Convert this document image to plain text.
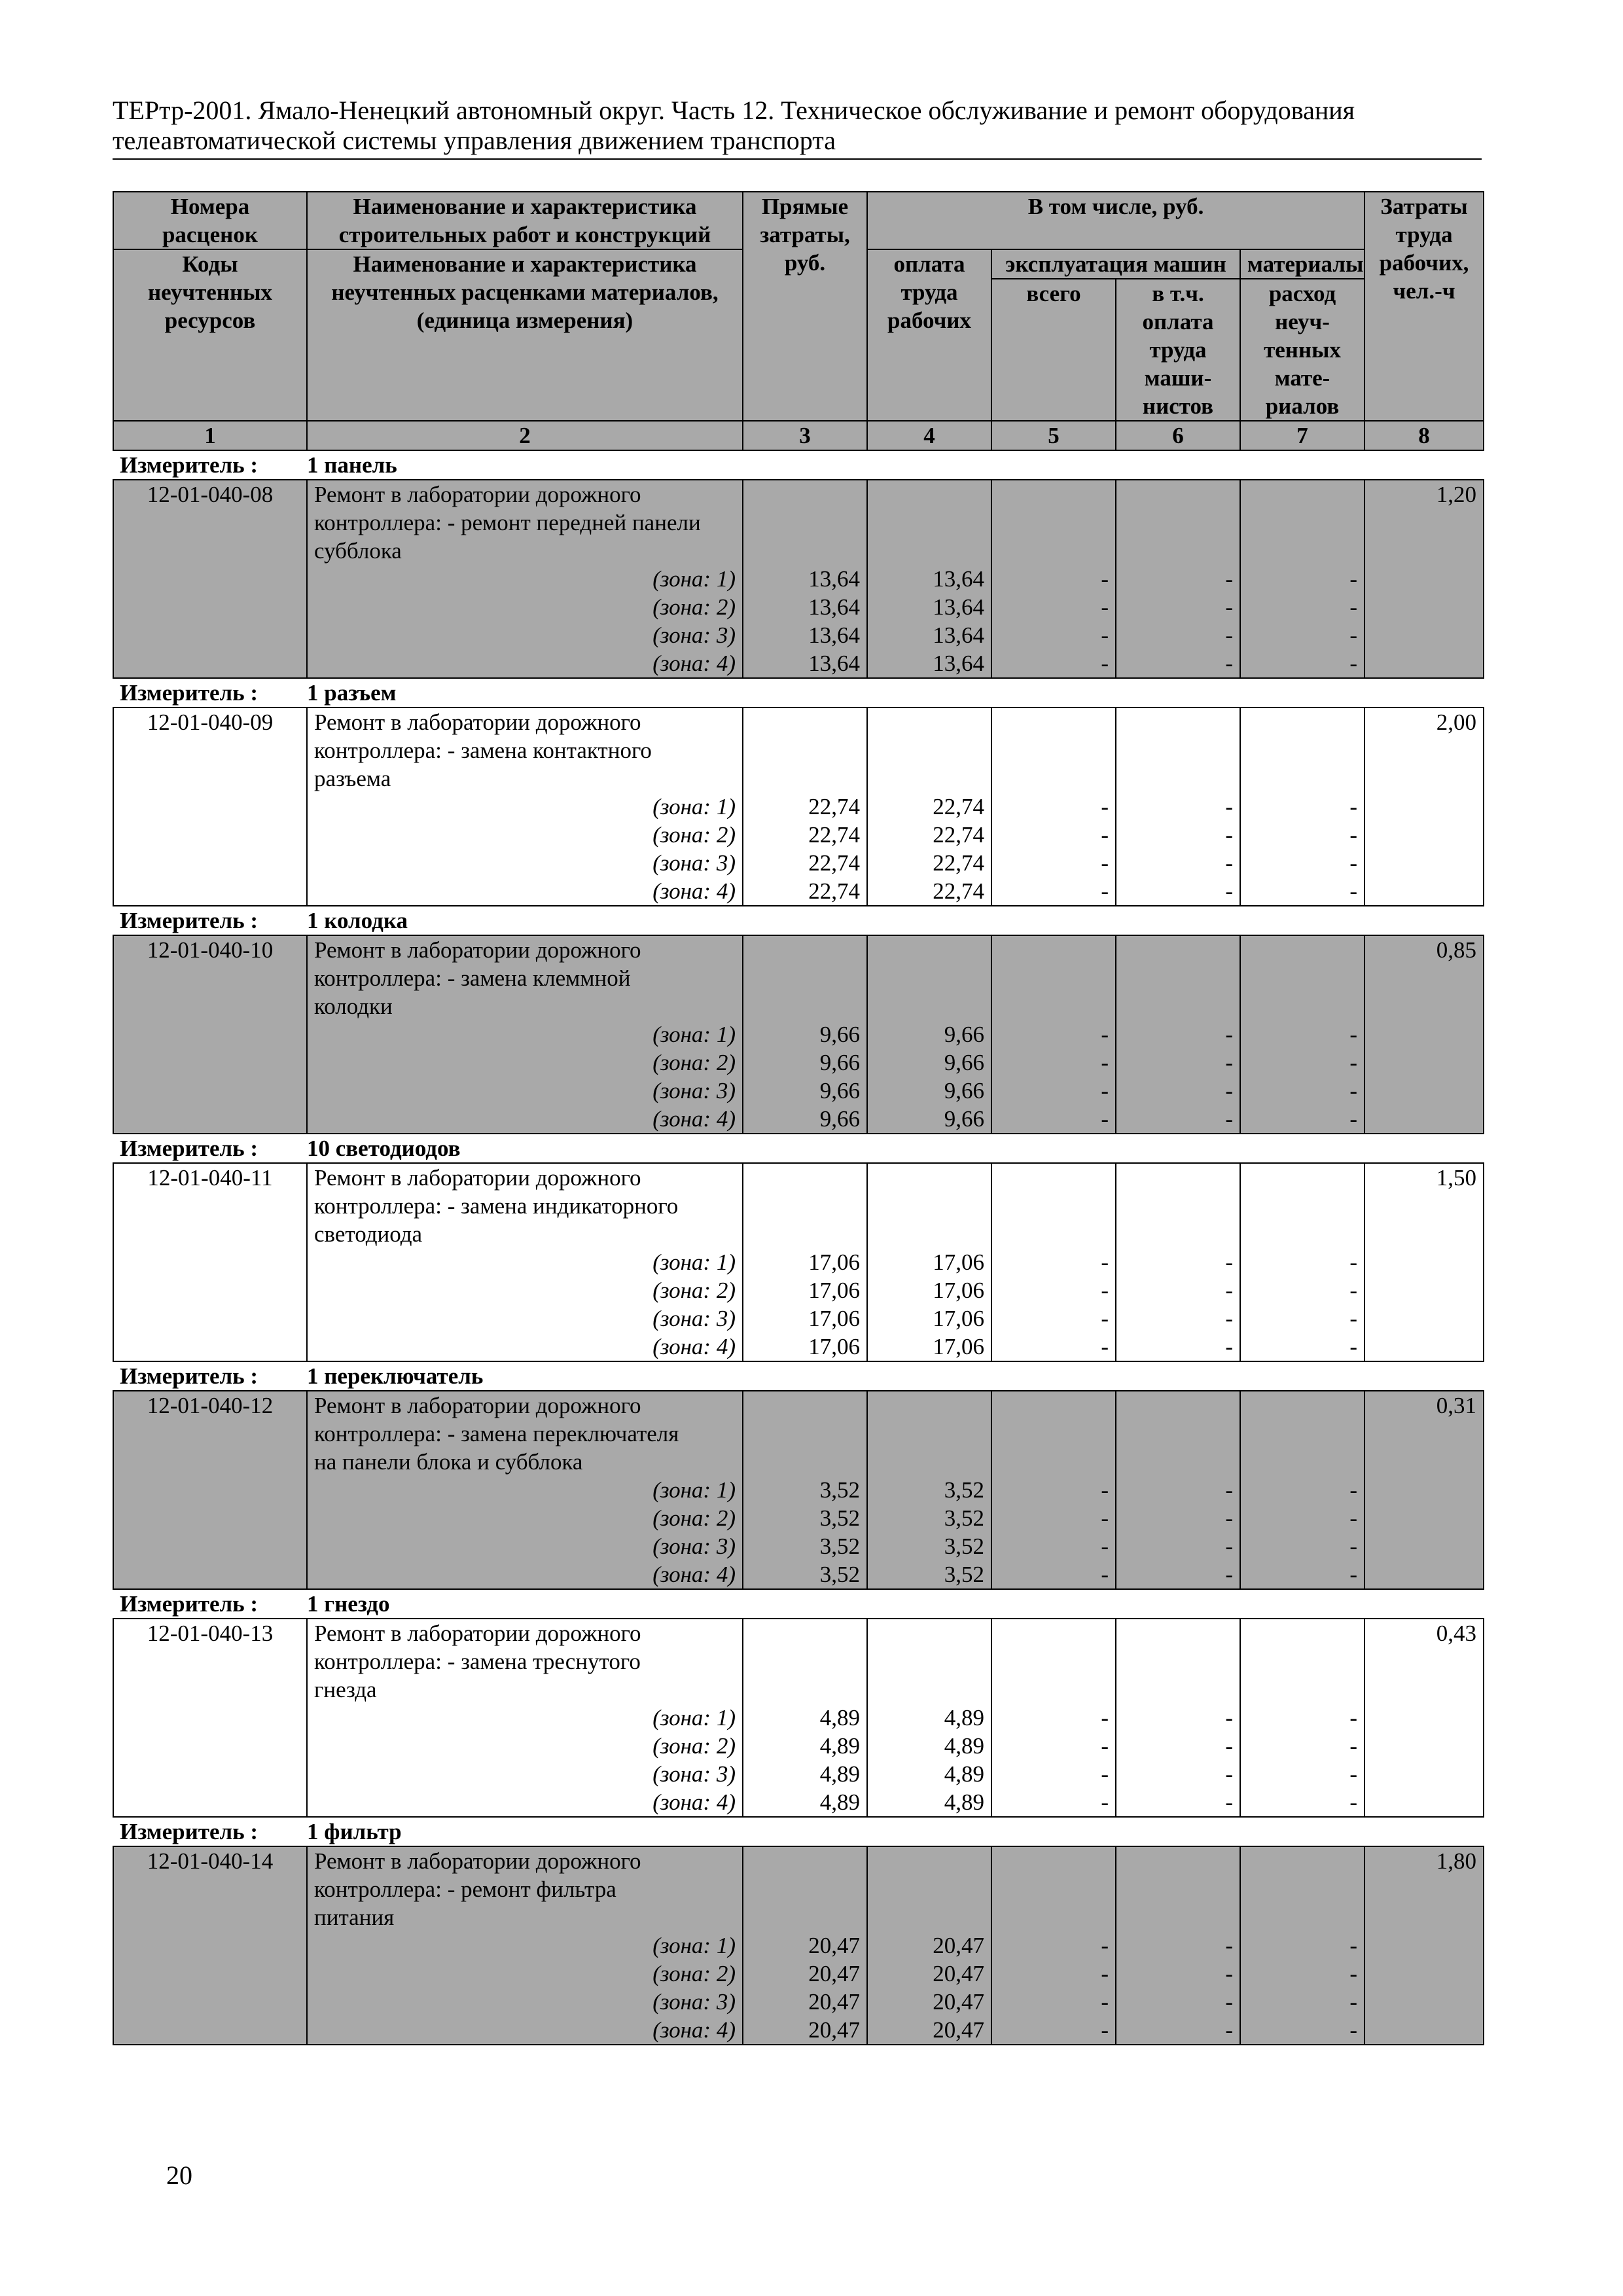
ТЕРтр-2001. Ямало-Ненецкий автономный округ. Часть 12. Техническое обслуживание и ремонт оборудования
телеавтоматической системы управления движением транспорта
Номера расценок	Наименование и характеристика строительных работ и конструкций	Прямые затраты, руб.	В том числе, руб.				Затраты труда рабочих, чел.-ч

Коды неучтенных ресурсов	Наименование и характеристика неучтенных расценками материалов, (единица измерения)		оплата труда рабочих	эксплуатация машин		материалы	
				всего	в т.ч. оплата труда маши- нистов	расход неуч- тенных мате- риалов	
1	2	3	4	5	6	7	8
Измеритель :	1 панель						
12-01-040-08	Ремонт в лаборатории дорожного						1,20
	контроллера: - ремонт передней панели						
	субблока						
	(зона: 1)	13,64	13,64	-	-	-	
	(зона: 2)	13,64	13,64	-	-	-	
	(зона: 3)	13,64	13,64	-	-	-	
	(зона: 4)	13,64	13,64	-	-	-	
Измеритель :	1 разъем						
12-01-040-09	Ремонт в лаборатории дорожного						2,00
	контроллера: - замена контактного						
	разъема						
	(зона: 1)	22,74	22,74	-	-	-	
	(зона: 2)	22,74	22,74	-	-	-	
	(зона: 3)	22,74	22,74	-	-	-	
	(зона: 4)	22,74	22,74	-	-	-	
Измеритель :	1 колодка						
12-01-040-10	Ремонт в лаборатории дорожного						0,85
	контроллера: - замена клеммной						
	колодки						
	(зона: 1)	9,66	9,66	-	-	-	
	(зона: 2)	9,66	9,66	-	-	-	
	(зона: 3)	9,66	9,66	-	-	-	
	(зона: 4)	9,66	9,66	-	-	-	
Измеритель :	10 светодиодов						
12-01-040-11	Ремонт в лаборатории дорожного						1,50
	контроллера: - замена индикаторного						
	светодиода						
	(зона: 1)	17,06	17,06	-	-	-	
	(зона: 2)	17,06	17,06	-	-	-	
	(зона: 3)	17,06	17,06	-	-	-	
	(зона: 4)	17,06	17,06	-	-	-	
Измеритель :	1 переключатель						
12-01-040-12	Ремонт в лаборатории дорожного						0,31
	контроллера: - замена переключателя						
	на панели блока и субблока						
	(зона: 1)	3,52	3,52	-	-	-	
	(зона: 2)	3,52	3,52	-	-	-	
	(зона: 3)	3,52	3,52	-	-	-	
	(зона: 4)	3,52	3,52	-	-	-	
Измеритель :	1 гнездо						
12-01-040-13	Ремонт в лаборатории дорожного						0,43
	контроллера: - замена треснутого						
	гнезда						
	(зона: 1)	4,89	4,89	-	-	-	
	(зона: 2)	4,89	4,89	-	-	-	
	(зона: 3)	4,89	4,89	-	-	-	
	(зона: 4)	4,89	4,89	-	-	-	
Измеритель :	1 фильтр						
12-01-040-14	Ремонт в лаборатории дорожного						1,80
	контроллера: - ремонт фильтра						
	питания						
	(зона: 1)	20,47	20,47	-	-	-	
	(зона: 2)	20,47	20,47	-	-	-	
	(зона: 3)	20,47	20,47	-	-	-	
	(зона: 4)	20,47	20,47	-	-	-	
20
